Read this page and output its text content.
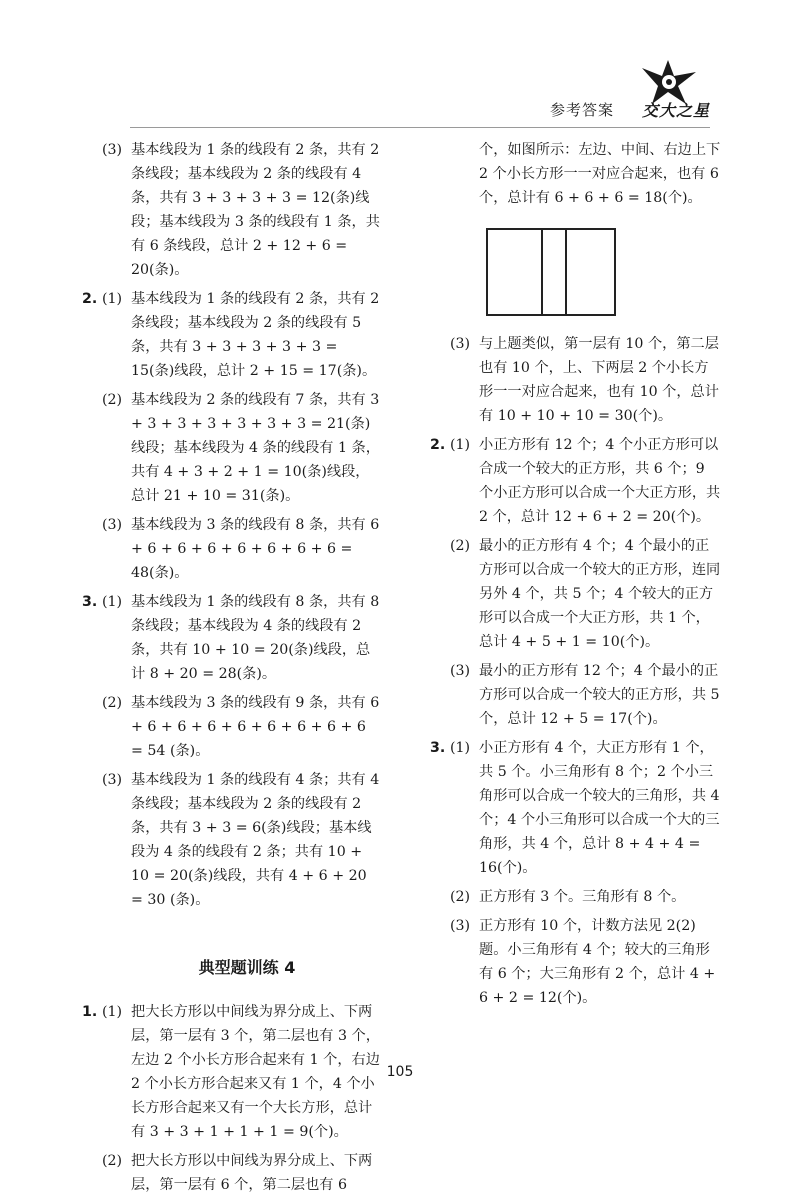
参考答案 交大之星
(3) 基本线段为 1 条的线段有 2 条，共有 2 条线段；基本线段为 2 条的线段有 4 条，共有 3 + 3 + 3 + 3 = 12(条)线段；基本线段为 3 条的线段有 1 条，共有 6 条线段，总计 2 + 12 + 6 = 20(条)。
2. (1) 基本线段为 1 条的线段有 2 条，共有 2 条线段；基本线段为 2 条的线段有 5 条，共有 3 + 3 + 3 + 3 + 3 = 15(条)线段，总计 2 + 15 = 17(条)。
(2) 基本线段为 2 条的线段有 7 条，共有 3 + 3 + 3 + 3 + 3 + 3 + 3 = 21(条)线段；基本线段为 4 条的线段有 1 条，共有 4 + 3 + 2 + 1 = 10(条)线段，总计 21 + 10 = 31(条)。
(3) 基本线段为 3 条的线段有 8 条，共有 6 + 6 + 6 + 6 + 6 + 6 + 6 + 6 = 48(条)。
3. (1) 基本线段为 1 条的线段有 8 条，共有 8 条线段；基本线段为 4 条的线段有 2 条，共有 10 + 10 = 20(条)线段，总计 8 + 20 = 28(条)。
(2) 基本线段为 3 条的线段有 9 条，共有 6 + 6 + 6 + 6 + 6 + 6 + 6 + 6 + 6 = 54 (条)。
(3) 基本线段为 1 条的线段有 4 条；共有 4 条线段；基本线段为 2 条的线段有 2 条，共有 3 + 3 = 6(条)线段；基本线段为 4 条的线段有 2 条；共有 10 + 10 = 20(条)线段，共有 4 + 6 + 20 = 30 (条)。
典型题训练 4
1. (1) 把大长方形以中间线为界分成上、下两层，第一层有 3 个，第二层也有 3 个，左边 2 个小长方形合起来有 1 个，右边 2 个小长方形合起来又有 1 个，4 个小长方形合起来又有一个大长方形，总计有 3 + 3 + 1 + 1 + 1 = 9(个)。
(2) 把大长方形以中间线为界分成上、下两层，第一层有 6 个，第二层也有 6
个，如图所示：左边、中间、右边上下 2 个小长方形一一对应合起来，也有 6 个，总计有 6 + 6 + 6 = 18(个)。
(3) 与上题类似，第一层有 10 个，第二层也有 10 个，上、下两层 2 个小长方形一一对应合起来，也有 10 个，总计有 10 + 10 + 10 = 30(个)。
2. (1) 小正方形有 12 个；4 个小正方形可以合成一个较大的正方形，共 6 个；9 个小正方形可以合成一个大正方形，共 2 个，总计 12 + 6 + 2 = 20(个)。
(2) 最小的正方形有 4 个；4 个最小的正方形可以合成一个较大的正方形，连同另外 4 个，共 5 个；4 个较大的正方形可以合成一个大正方形，共 1 个，总计 4 + 5 + 1 = 10(个)。
(3) 最小的正方形有 12 个；4 个最小的正方形可以合成一个较大的正方形，共 5 个，总计 12 + 5 = 17(个)。
3. (1) 小正方形有 4 个，大正方形有 1 个，共 5 个。小三角形有 8 个；2 个小三角形可以合成一个较大的三角形，共 4 个；4 个小三角形可以合成一个大的三角形，共 4 个，总计 8 + 4 + 4 = 16(个)。
(2) 正方形有 3 个。三角形有 8 个。
(3) 正方形有 10 个，计数方法见 2(2)题。小三角形有 4 个；较大的三角形有 6 个；大三角形有 2 个，总计 4 + 6 + 2 = 12(个)。
105
